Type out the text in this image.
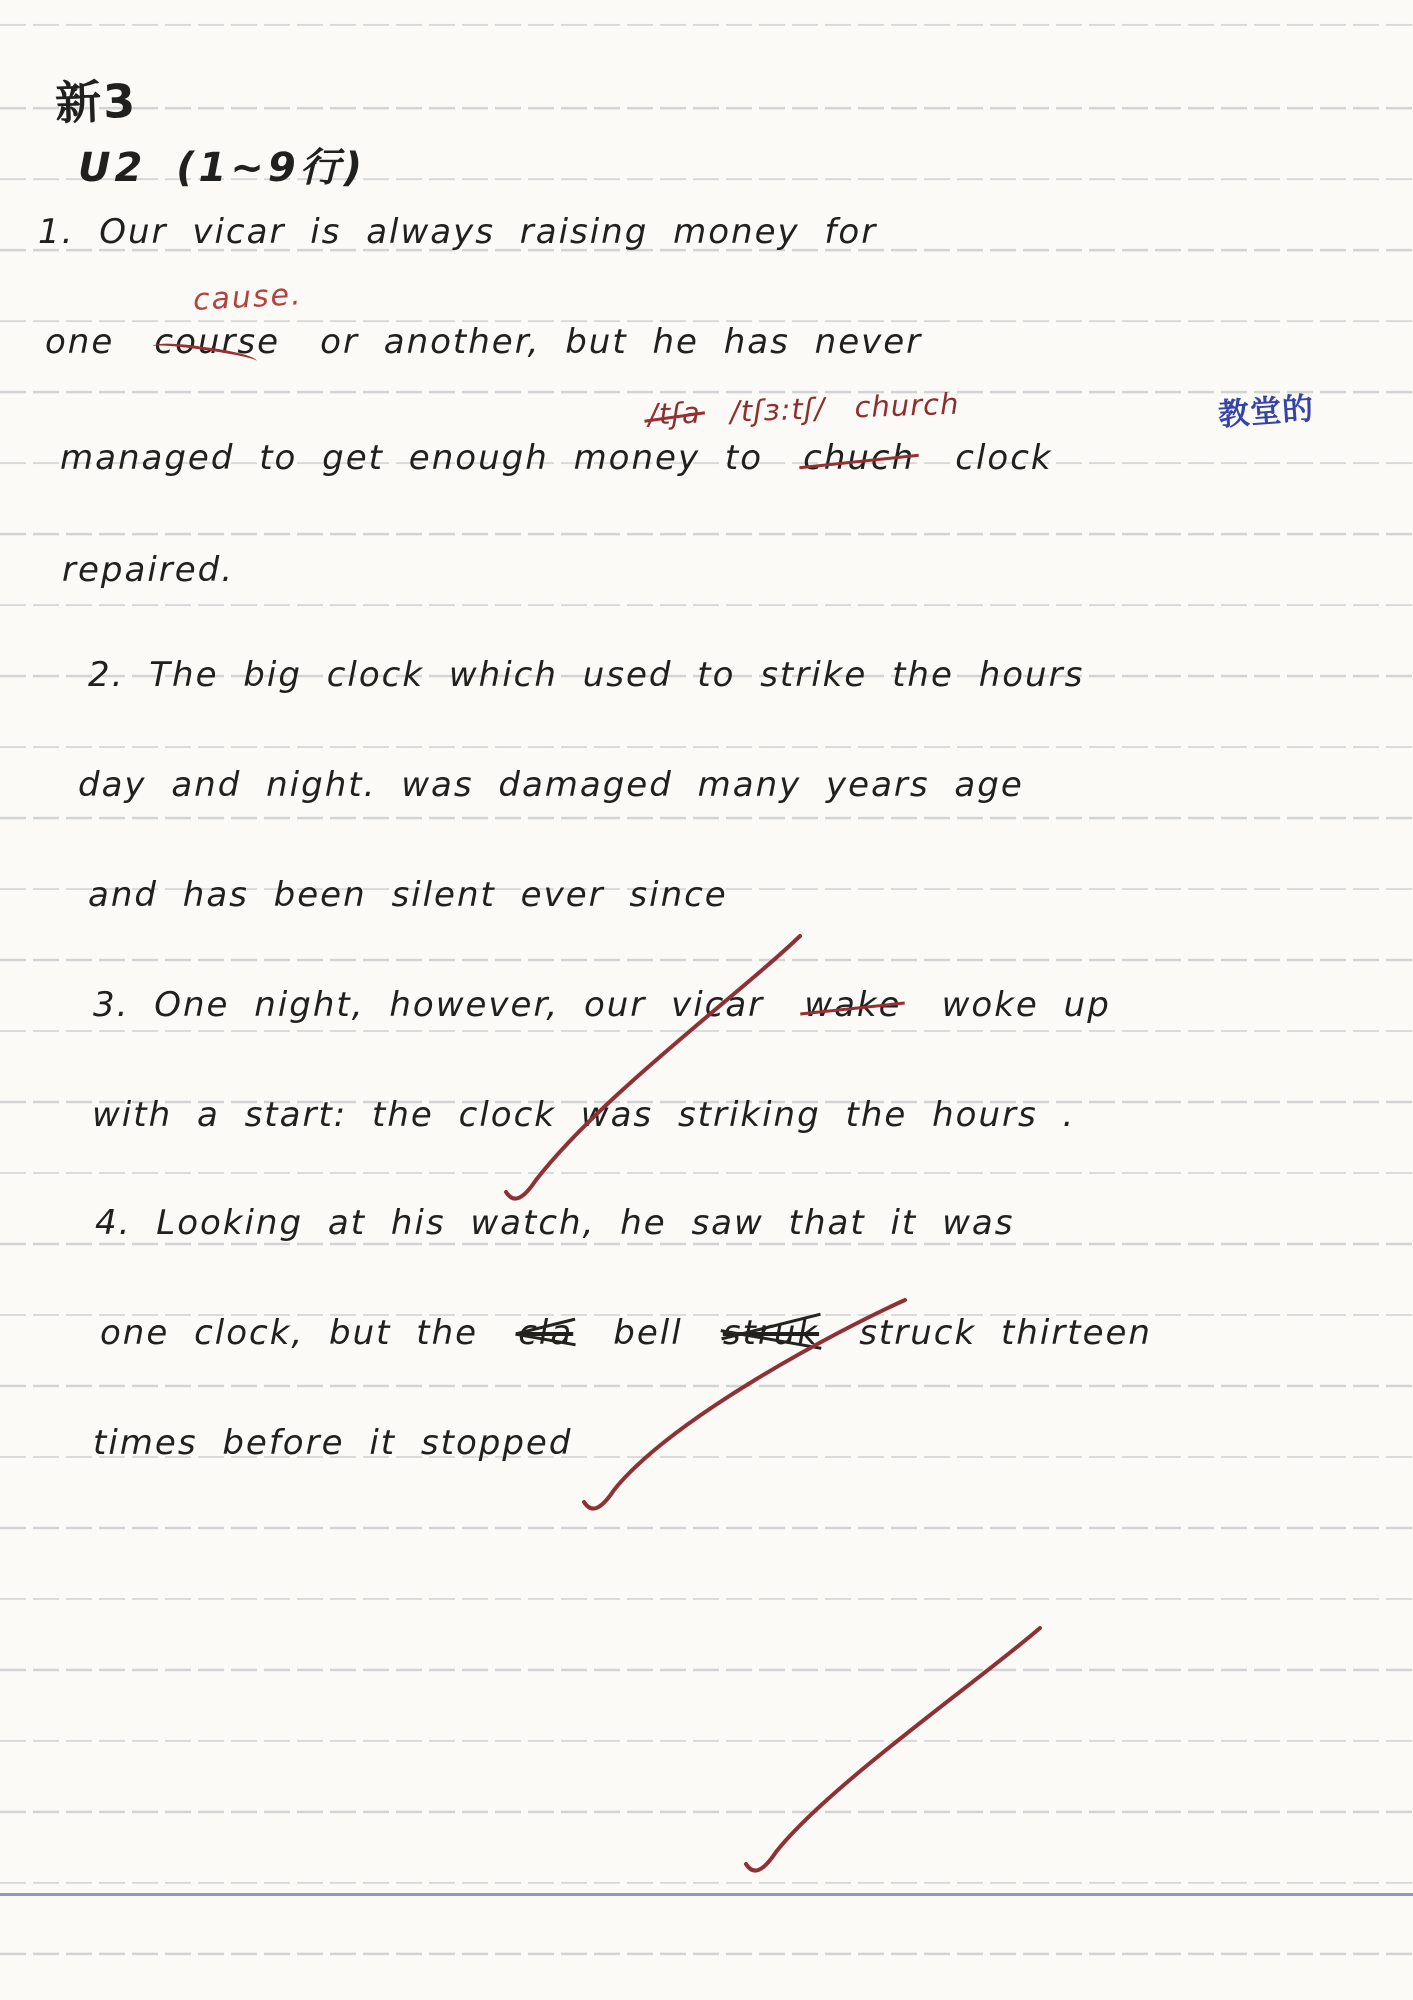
新3
U2 (1~9行)
1. Our vicar is always raising money for
cause.
one course or another, but he has never
/tʃa /tʃɜ:tʃ/ church	教堂的
managed to get enough money to chuch clock
repaired.
2. The big clock which used to strike the hours
day and night. was damaged many years age
and has been silent ever since
3. One night, however, our vicar wake woke up
with a start: the clock was striking the hours .
4. Looking at his watch, he saw that it was
one clock, but the cla bell struk struck thirteen
times before it stopped
